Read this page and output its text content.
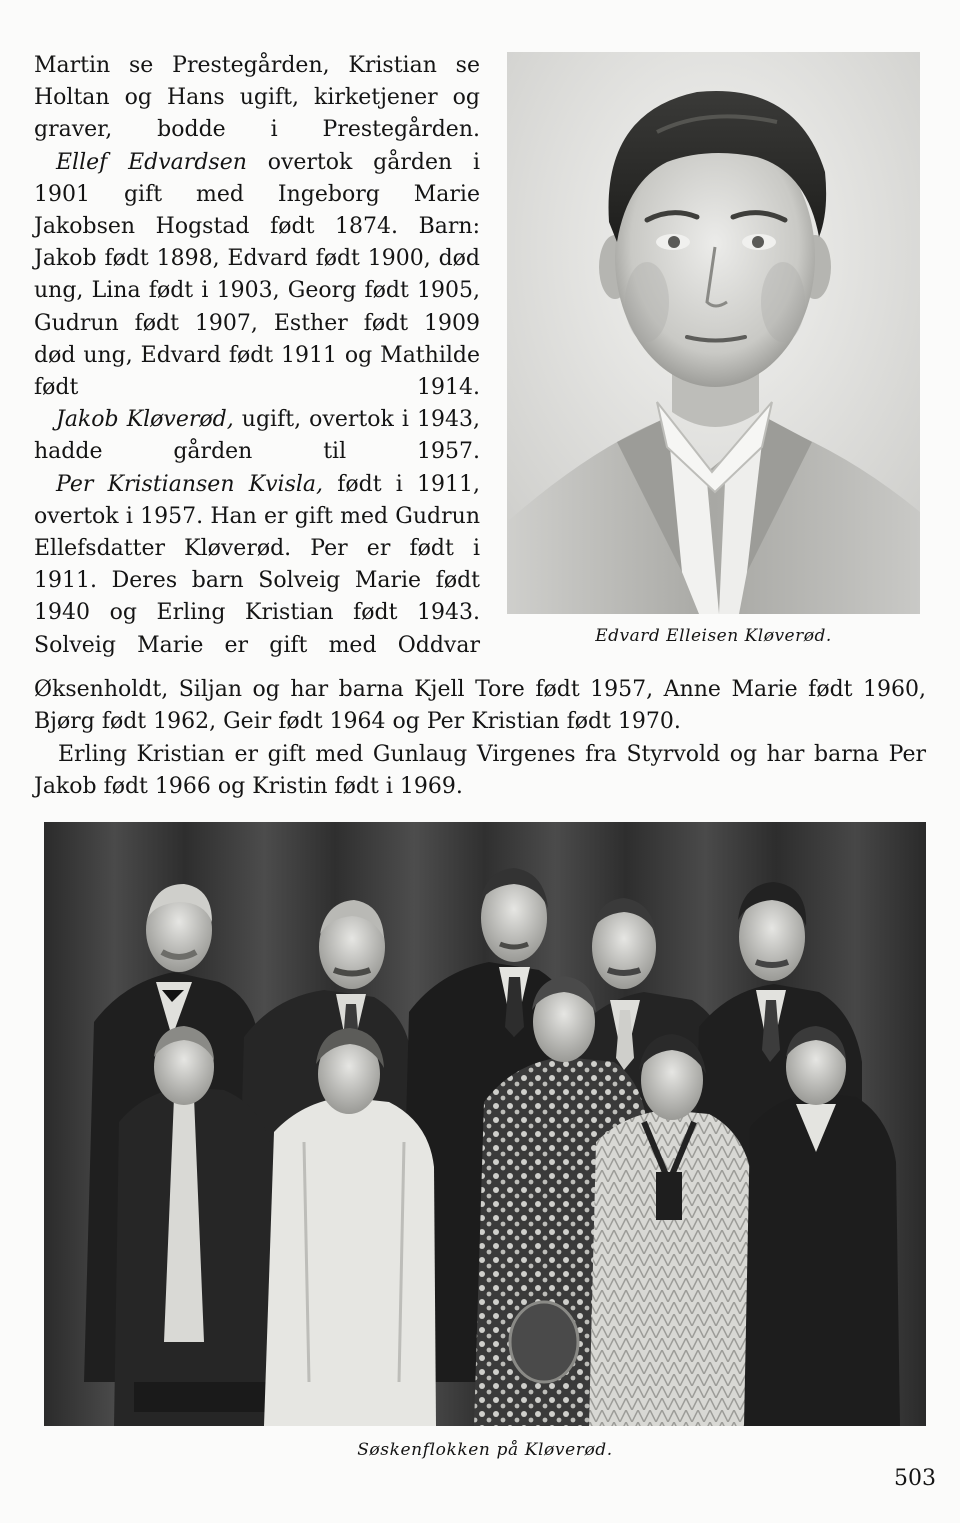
Martin se Prestegården, Kristian se Holtan og Hans ugift, kirketjener og graver, bodde i Prestegården.

Ellef Edvardsen overtok gården i 1901 gift med Ingeborg Marie Jakobsen Hogstad født 1874. Barn: Jakob født 1898, Edvard født 1900, død ung, Lina født i 1903, Georg født 1905, Gudrun født 1907, Esther født 1909 død ung, Edvard født 1911 og Mathilde født 1914.

Jakob Kløverød, ugift, overtok i 1943, hadde gården til 1957.

Per Kristiansen Kvisla, født i 1911, overtok i 1957. Han er gift med Gudrun Ellefsdatter Kløverød. Per er født i 1911. Deres barn Solveig Marie født 1940 og Erling Kristian født 1943. Solveig Marie er gift med Oddvar	Edvard Elleisen Kløverød.

Øksenholdt, Siljan og har barna Kjell Tore født 1957, Anne Marie født 1960, Bjørg født 1962, Geir født 1964 og Per Kristian født 1970.

Erling Kristian er gift med Gunlaug Virgenes fra Styrvold og har barna Per Jakob født 1966 og Kristin født i 1969.

Søskenflokken på Kløverød.
503
